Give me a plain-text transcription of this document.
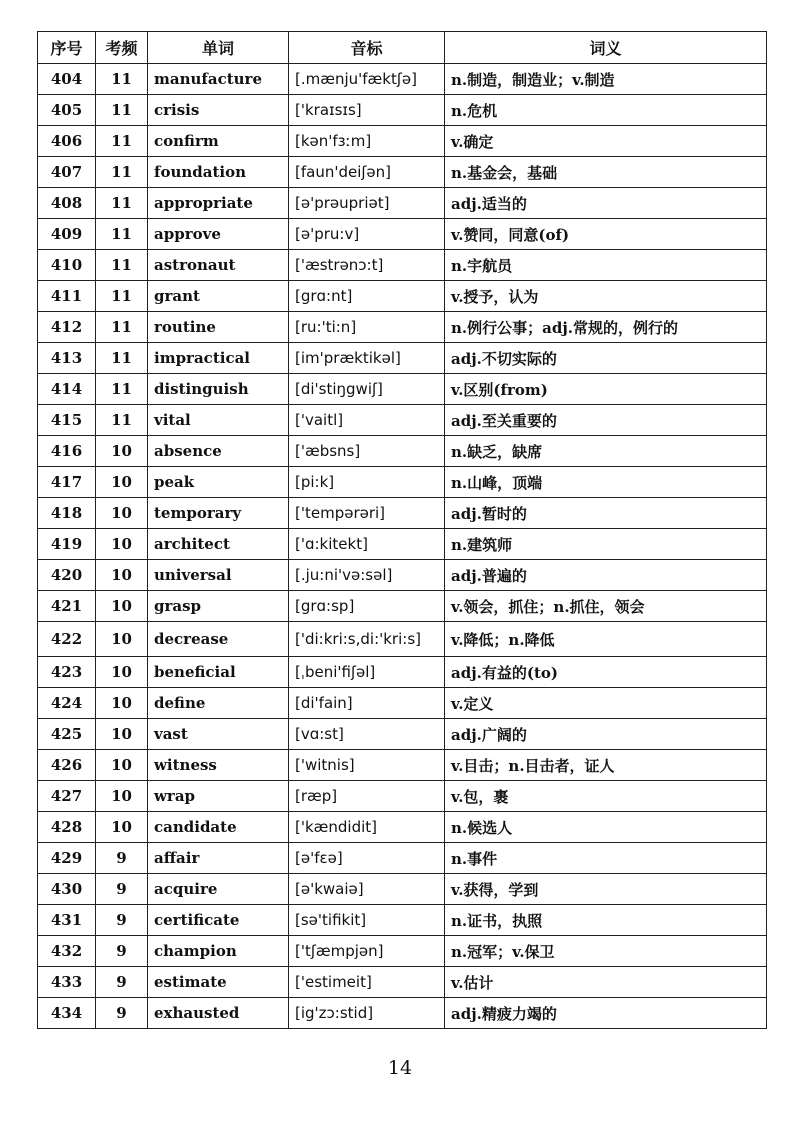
序号	考频	单词	音标	词义
404	11	manufacture	[.mænju'fæktʃə]	n.制造，制造业；v.制造
405	11	crisis	['kraɪsɪs]	n.危机
406	11	confirm	[kən'fɜːm]	v.确定
407	11	foundation	[faun'deiʃən]	n.基金会，基础
408	11	appropriate	[ə'prəupriət]	adj.适当的
409	11	approve	[ə'pru:v]	v.赞同，同意(of)
410	11	astronaut	['æstrənɔ:t]	n.宇航员
411	11	grant	[grɑ:nt]	v.授予，认为
412	11	routine	[ru:'ti:n]	n.例行公事；adj.常规的，例行的
413	11	impractical	[im'præktikəl]	adj.不切实际的
414	11	distinguish	[di'stiŋgwiʃ]	v.区别(from)
415	11	vital	['vaitl]	adj.至关重要的
416	10	absence	['æbsns]	n.缺乏，缺席
417	10	peak	[pi:k]	n.山峰，顶端
418	10	temporary	['tempərəri]	adj.暂时的
419	10	architect	['ɑ:kitekt]	n.建筑师
420	10	universal	[.ju:ni'və:səl]	adj.普遍的
421	10	grasp	[grɑ:sp]	v.领会，抓住；n.抓住，领会
422	10	decrease	['di:kri:s,di:'kri:s]	v.降低；n.降低
423	10	beneficial	[ˌbeni'fiʃəl]	adj.有益的(to)
424	10	define	[di'fain]	v.定义
425	10	vast	[vɑ:st]	adj.广阔的
426	10	witness	['witnis]	v.目击；n.目击者，证人
427	10	wrap	[ræp]	v.包，裹
428	10	candidate	['kændidit]	n.候选人
429	9	affair	[ə'fɛə]	n.事件
430	9	acquire	[ə'kwaiə]	v.获得，学到
431	9	certificate	[sə'tifikit]	n.证书，执照
432	9	champion	['tʃæmpjən]	n.冠军；v.保卫
433	9	estimate	['estimeit]	v.估计
434	9	exhausted	[ig'zɔ:stid]	adj.精疲力竭的
14
